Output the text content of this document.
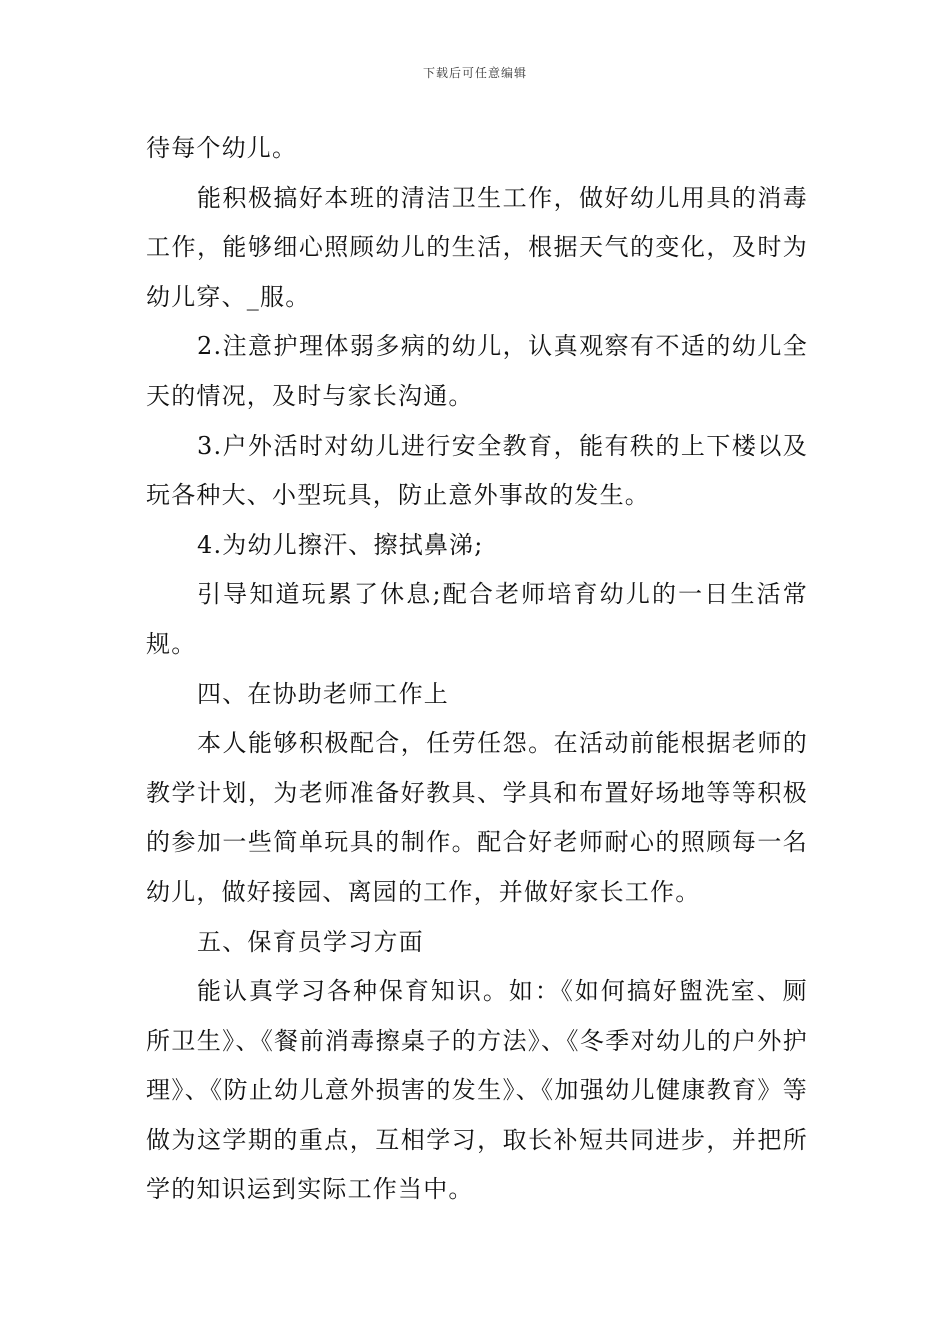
下载后可任意编辑

待每个幼儿。

能积极搞好本班的清洁卫生工作，做好幼儿用具的消毒工作，能够细心照顾幼儿的生活，根据天气的变化，及时为幼儿穿、_服。

2.注意护理体弱多病的幼儿，认真观察有不适的幼儿全天的情况，及时与家长沟通。

3.户外活时对幼儿进行安全教育，能有秩的上下楼以及玩各种大、小型玩具，防止意外事故的发生。

4.为幼儿擦汗、擦拭鼻涕;

引导知道玩累了休息;配合老师培育幼儿的一日生活常规。

四、在协助老师工作上

本人能够积极配合，任劳任怨。在活动前能根据老师的教学计划，为老师准备好教具、学具和布置好场地等等积极的参加一些简单玩具的制作。配合好老师耐心的照顾每一名幼儿，做好接园、离园的工作，并做好家长工作。

五、保育员学习方面

能认真学习各种保育知识。如：《如何搞好盥洗室、厕所卫生》、《餐前消毒擦桌子的方法》、《冬季对幼儿的户外护理》、《防止幼儿意外损害的发生》、《加强幼儿健康教育》等做为这学期的重点，互相学习，取长补短共同进步，并把所学的知识运到实际工作当中。
